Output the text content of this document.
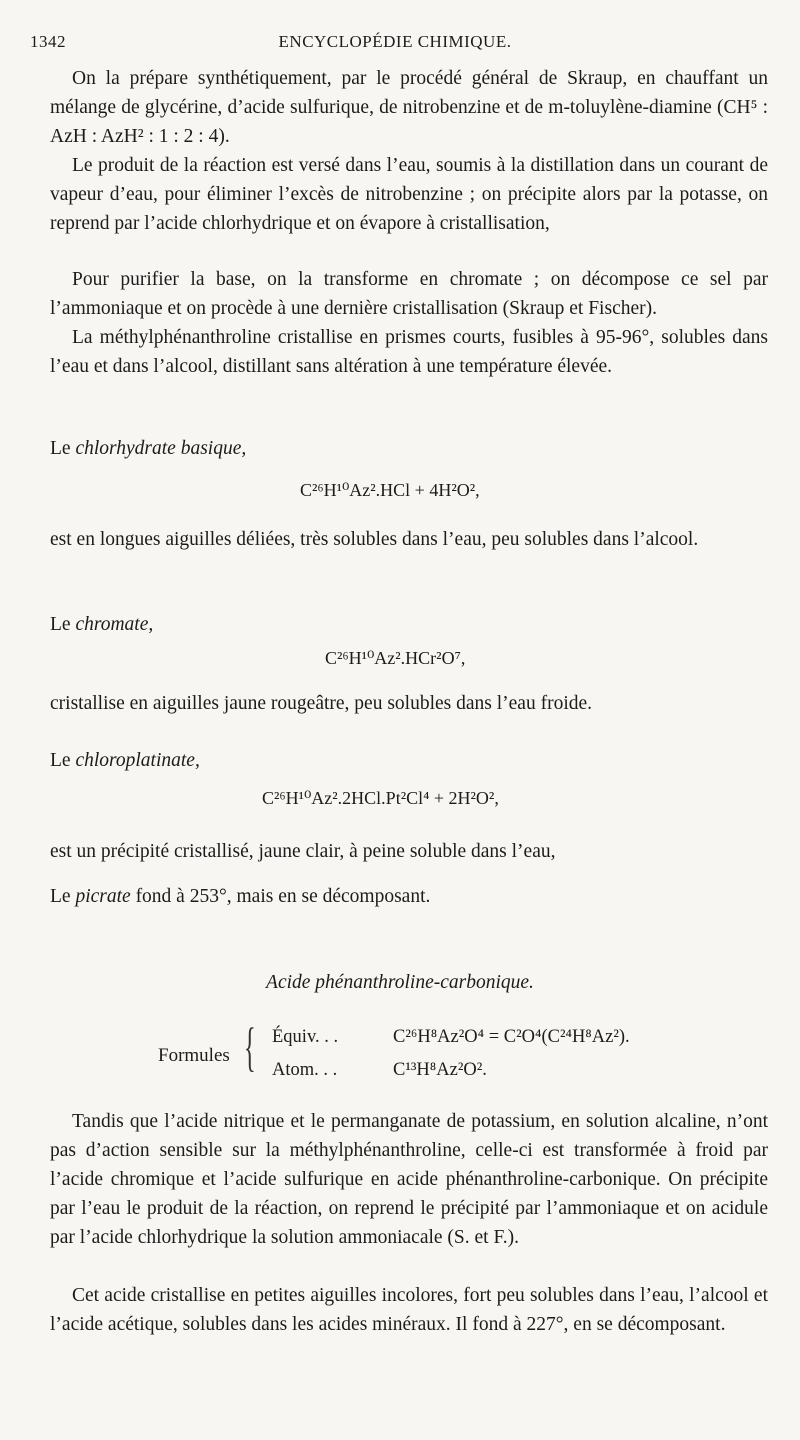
1342	ENCYCLOPÉDIE CHIMIQUE.
On la prépare synthétiquement, par le procédé général de Skraup, en chauffant un mélange de glycérine, d’acide sulfurique, de nitrobenzine et de m-toluylène-diamine (CH⁵ : AzH : AzH² : 1 : 2 : 4).
Le produit de la réaction est versé dans l’eau, soumis à la distillation dans un courant de vapeur d’eau, pour éliminer l’excès de nitrobenzine ; on précipite alors par la potasse, on reprend par l’acide chlorhydrique et on évapore à cristallisation,
Pour purifier la base, on la transforme en chromate ; on décompose ce sel par l’ammoniaque et on procède à une dernière cristallisation (Skraup et Fischer).
La méthylphénanthroline cristallise en prismes courts, fusibles à 95-96°, solubles dans l’eau et dans l’alcool, distillant sans altération à une température élevée.
Le chlorhydrate basique,
C²⁶H¹⁰Az².HCl + 4H²O²,
est en longues aiguilles déliées, très solubles dans l’eau, peu solubles dans l’alcool.
Le chromate,
C²⁶H¹⁰Az².HCr²O⁷,
cristallise en aiguilles jaune rougeâtre, peu solubles dans l’eau froide.
Le chloroplatinate,
C²⁶H¹⁰Az².2HCl.Pt²Cl⁴ + 2H²O²,
est un précipité cristallisé, jaune clair, à peine soluble dans l’eau,
Le picrate fond à 253°, mais en se décomposant.
Acide phénanthroline-carbonique.
Formules { Équiv. . .	C²⁶H⁸Az²O⁴ = C²O⁴(C²⁴H⁸Az²).
Atom. . .	C¹³H⁸Az²O².
Tandis que l’acide nitrique et le permanganate de potassium, en solution alcaline, n’ont pas d’action sensible sur la méthylphénanthroline, celle-ci est transformée à froid par l’acide chromique et l’acide sulfurique en acide phénanthroline-carbonique. On précipite par l’eau le produit de la réaction, on reprend le précipité par l’ammoniaque et on acidule par l’acide chlorhydrique la solution ammoniacale (S. et F.).
Cet acide cristallise en petites aiguilles incolores, fort peu solubles dans l’eau, l’alcool et l’acide acétique, solubles dans les acides minéraux. Il fond à 227°, en se décomposant.
